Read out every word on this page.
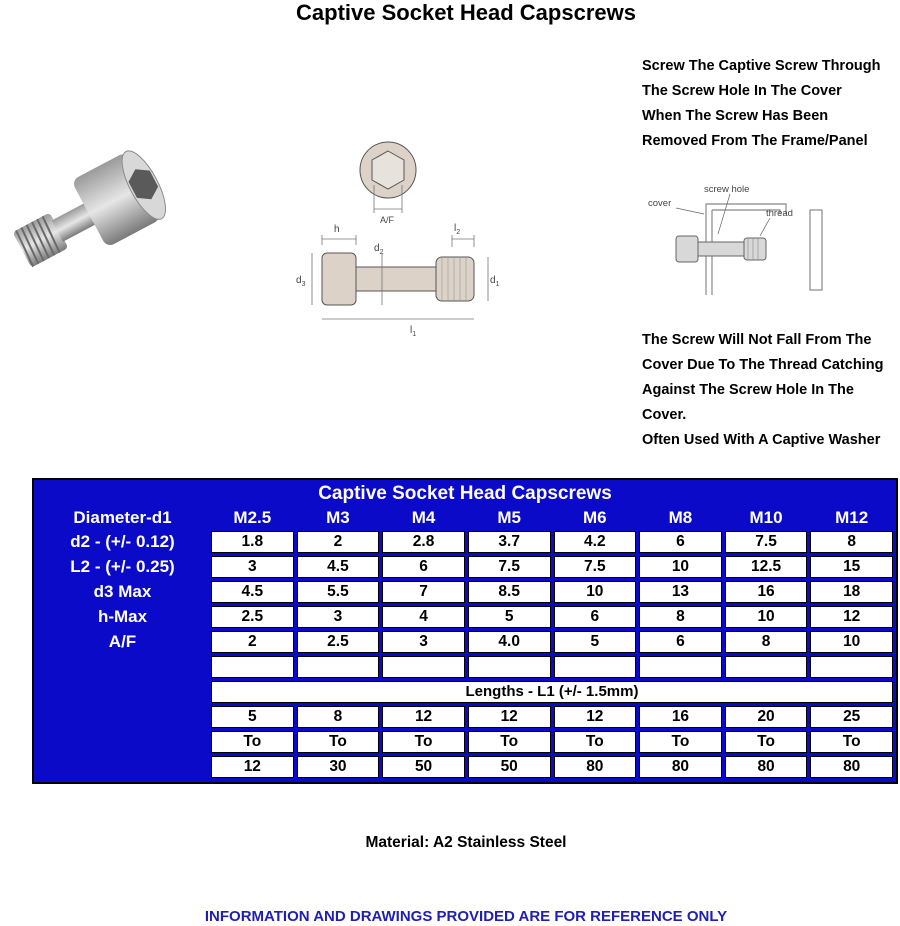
Captive Socket Head Capscrews
A/F
h
$d_2$
$l_2$
$d_3$	$d_1$
$l_1$
Screw The Captive Screw Through
The Screw Hole In The Cover
When The Screw Has Been
Removed From The Frame/Panel
cover
screw hole
thread
The Screw Will Not Fall From The
Cover Due To The Thread Catching
Against The Screw Hole In The
Cover.
Often Used With A Captive Washer
Captive Socket Head Capscrews								
Diameter-d1	M2.5	M3	M4	M5	M6	M8	M10	M12
d2 - (+/- 0.12)	1.8	2	2.8	3.7	4.2	6	7.5	8
L2 - (+/- 0.25)	3	4.5	6	7.5	7.5	10	12.5	15
d3 Max	4.5	5.5	7	8.5	10	13	16	18
h-Max	2.5	3	4	5	6	8	10	12
A/F	2	2.5	3	4.0	5	6	8	10

	Lengths - L1 (+/- 1.5mm)							
	5	8	12	12	12	16	20	25
	To	To	To	To	To	To	To	To
	12	30	50	50	80	80	80	80
Material: A2 Stainless Steel
INFORMATION AND DRAWINGS PROVIDED ARE FOR REFERENCE ONLY
